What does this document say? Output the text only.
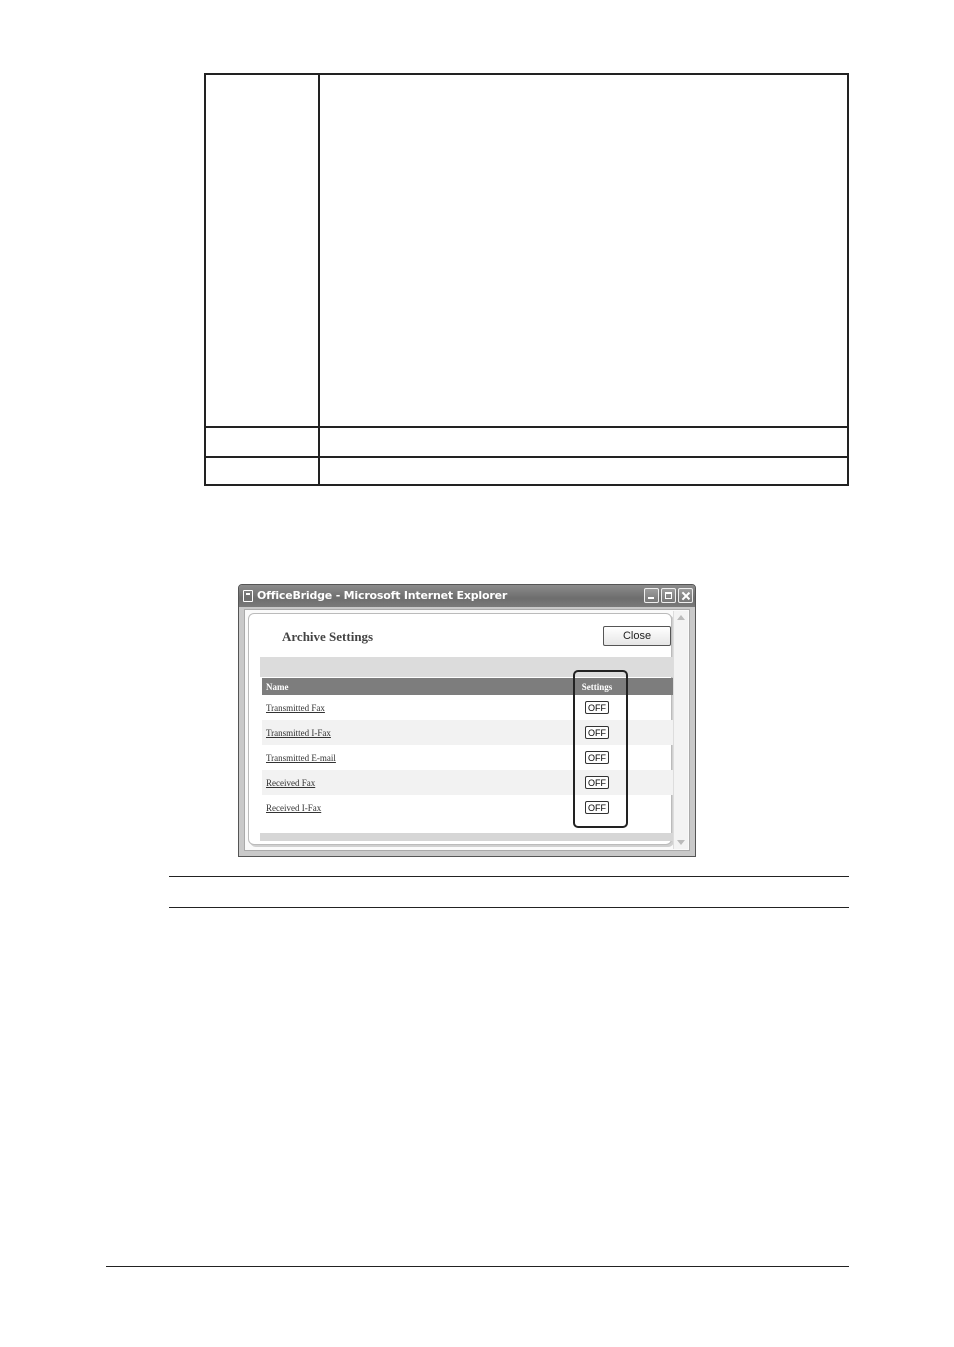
OfficeBridge - Microsoft Internet Explorer
Archive Settings	Close
Name	Settings	
Transmitted Fax	OFF	
Transmitted I-Fax	OFF	
Transmitted E-mail	OFF	
Received Fax	OFF	
Received I-Fax	OFF	
